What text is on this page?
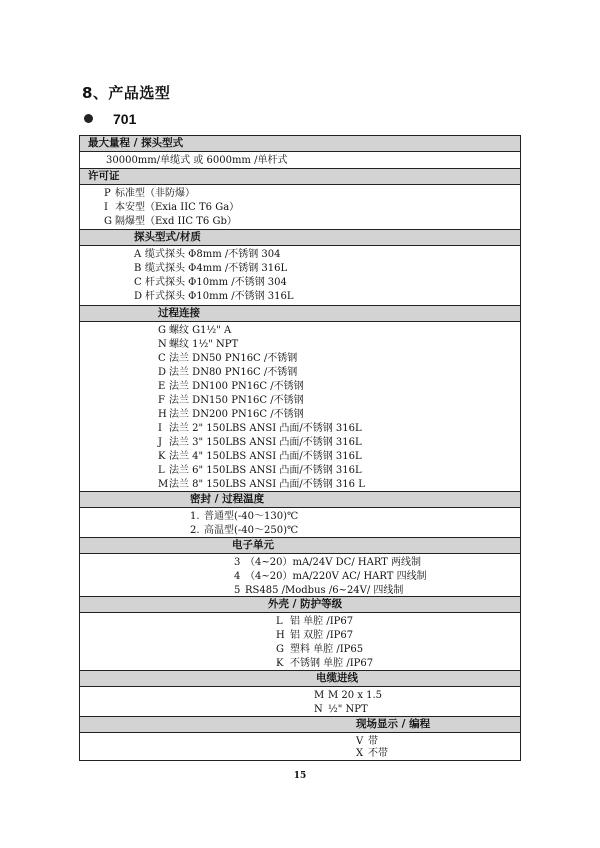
8、产品选型
701
最大量程 / 探头型式
30000mm/单缆式 或 6000mm /单杆式
许可证
P 标准型（非防爆）
I 本安型（Exia IIC T6 Ga）
G 隔爆型（Exd IIC T6 Gb）
探头型式/材质
A 缆式探头 Φ8mm /不锈钢 304
B 缆式探头 Φ4mm /不锈钢 316L
C 杆式探头 Φ10mm /不锈钢 304
D 杆式探头 Φ10mm /不锈钢 316L
过程连接
G 螺纹 G1½" A
N 螺纹 1½" NPT
C 法兰 DN50 PN16C /不锈钢
D 法兰 DN80 PN16C /不锈钢
E 法兰 DN100 PN16C /不锈钢
F 法兰 DN150 PN16C /不锈钢
H 法兰 DN200 PN16C /不锈钢
I 法兰 2" 150LBS ANSI 凸面/不锈钢 316L
J 法兰 3" 150LBS ANSI 凸面/不锈钢 316L
K 法兰 4" 150LBS ANSI 凸面/不锈钢 316L
L 法兰 6" 150LBS ANSI 凸面/不锈钢 316L
M法兰 8" 150LBS ANSI 凸面/不锈钢 316 L
密封 / 过程温度
1. 普通型(-40～130)℃
2. 高温型(-40～250)℃
电子单元
3 （4~20）mA/24V DC/ HART 两线制
4 （4~20）mA/220V AC/ HART 四线制
5 RS485 /Modbus /6~24V/ 四线制
外壳 / 防护等级
L 铝 单腔 /IP67
H 铝 双腔 /IP67
G 塑料 单腔 /IP65
K 不锈钢 单腔 /IP67
电缆进线
M M 20 x 1.5
N ½" NPT
现场显示 / 编程
V 带
X 不带
15
